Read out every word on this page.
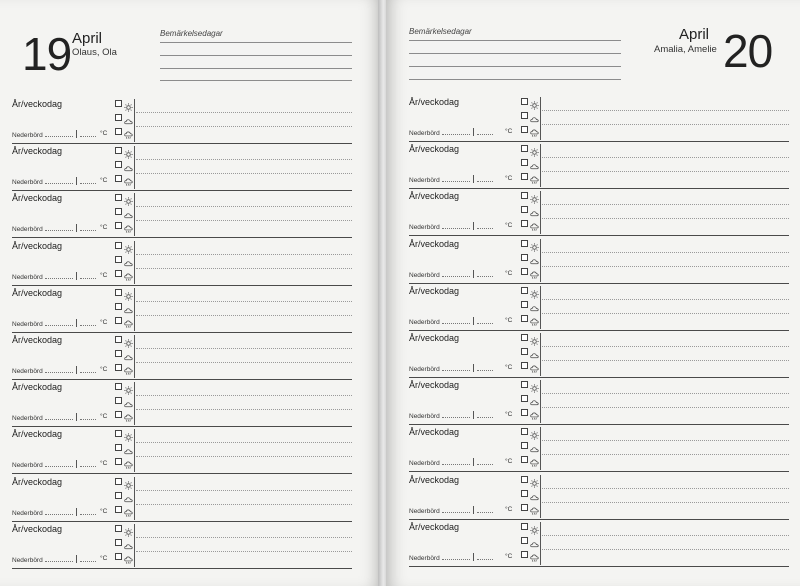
19 April
Olaus, Ola
Bemärkelsedagar
År/veckodag
Nederbörd	°C
År/veckodag
Nederbörd	°C
År/veckodag
Nederbörd	°C
År/veckodag
Nederbörd	°C
År/veckodag
Nederbörd	°C
År/veckodag
Nederbörd	°C
År/veckodag
Nederbörd	°C
År/veckodag
Nederbörd	°C
År/veckodag
Nederbörd	°C
År/veckodag
Nederbörd	°C
20
April
Amalia, Amelie
Bemärkelsedagar
År/veckodag
Nederbörd	°C
År/veckodag
Nederbörd	°C
År/veckodag
Nederbörd	°C
År/veckodag
Nederbörd	°C
År/veckodag
Nederbörd	°C
År/veckodag
Nederbörd	°C
År/veckodag
Nederbörd	°C
År/veckodag
Nederbörd	°C
År/veckodag
Nederbörd	°C
År/veckodag
Nederbörd	°C
